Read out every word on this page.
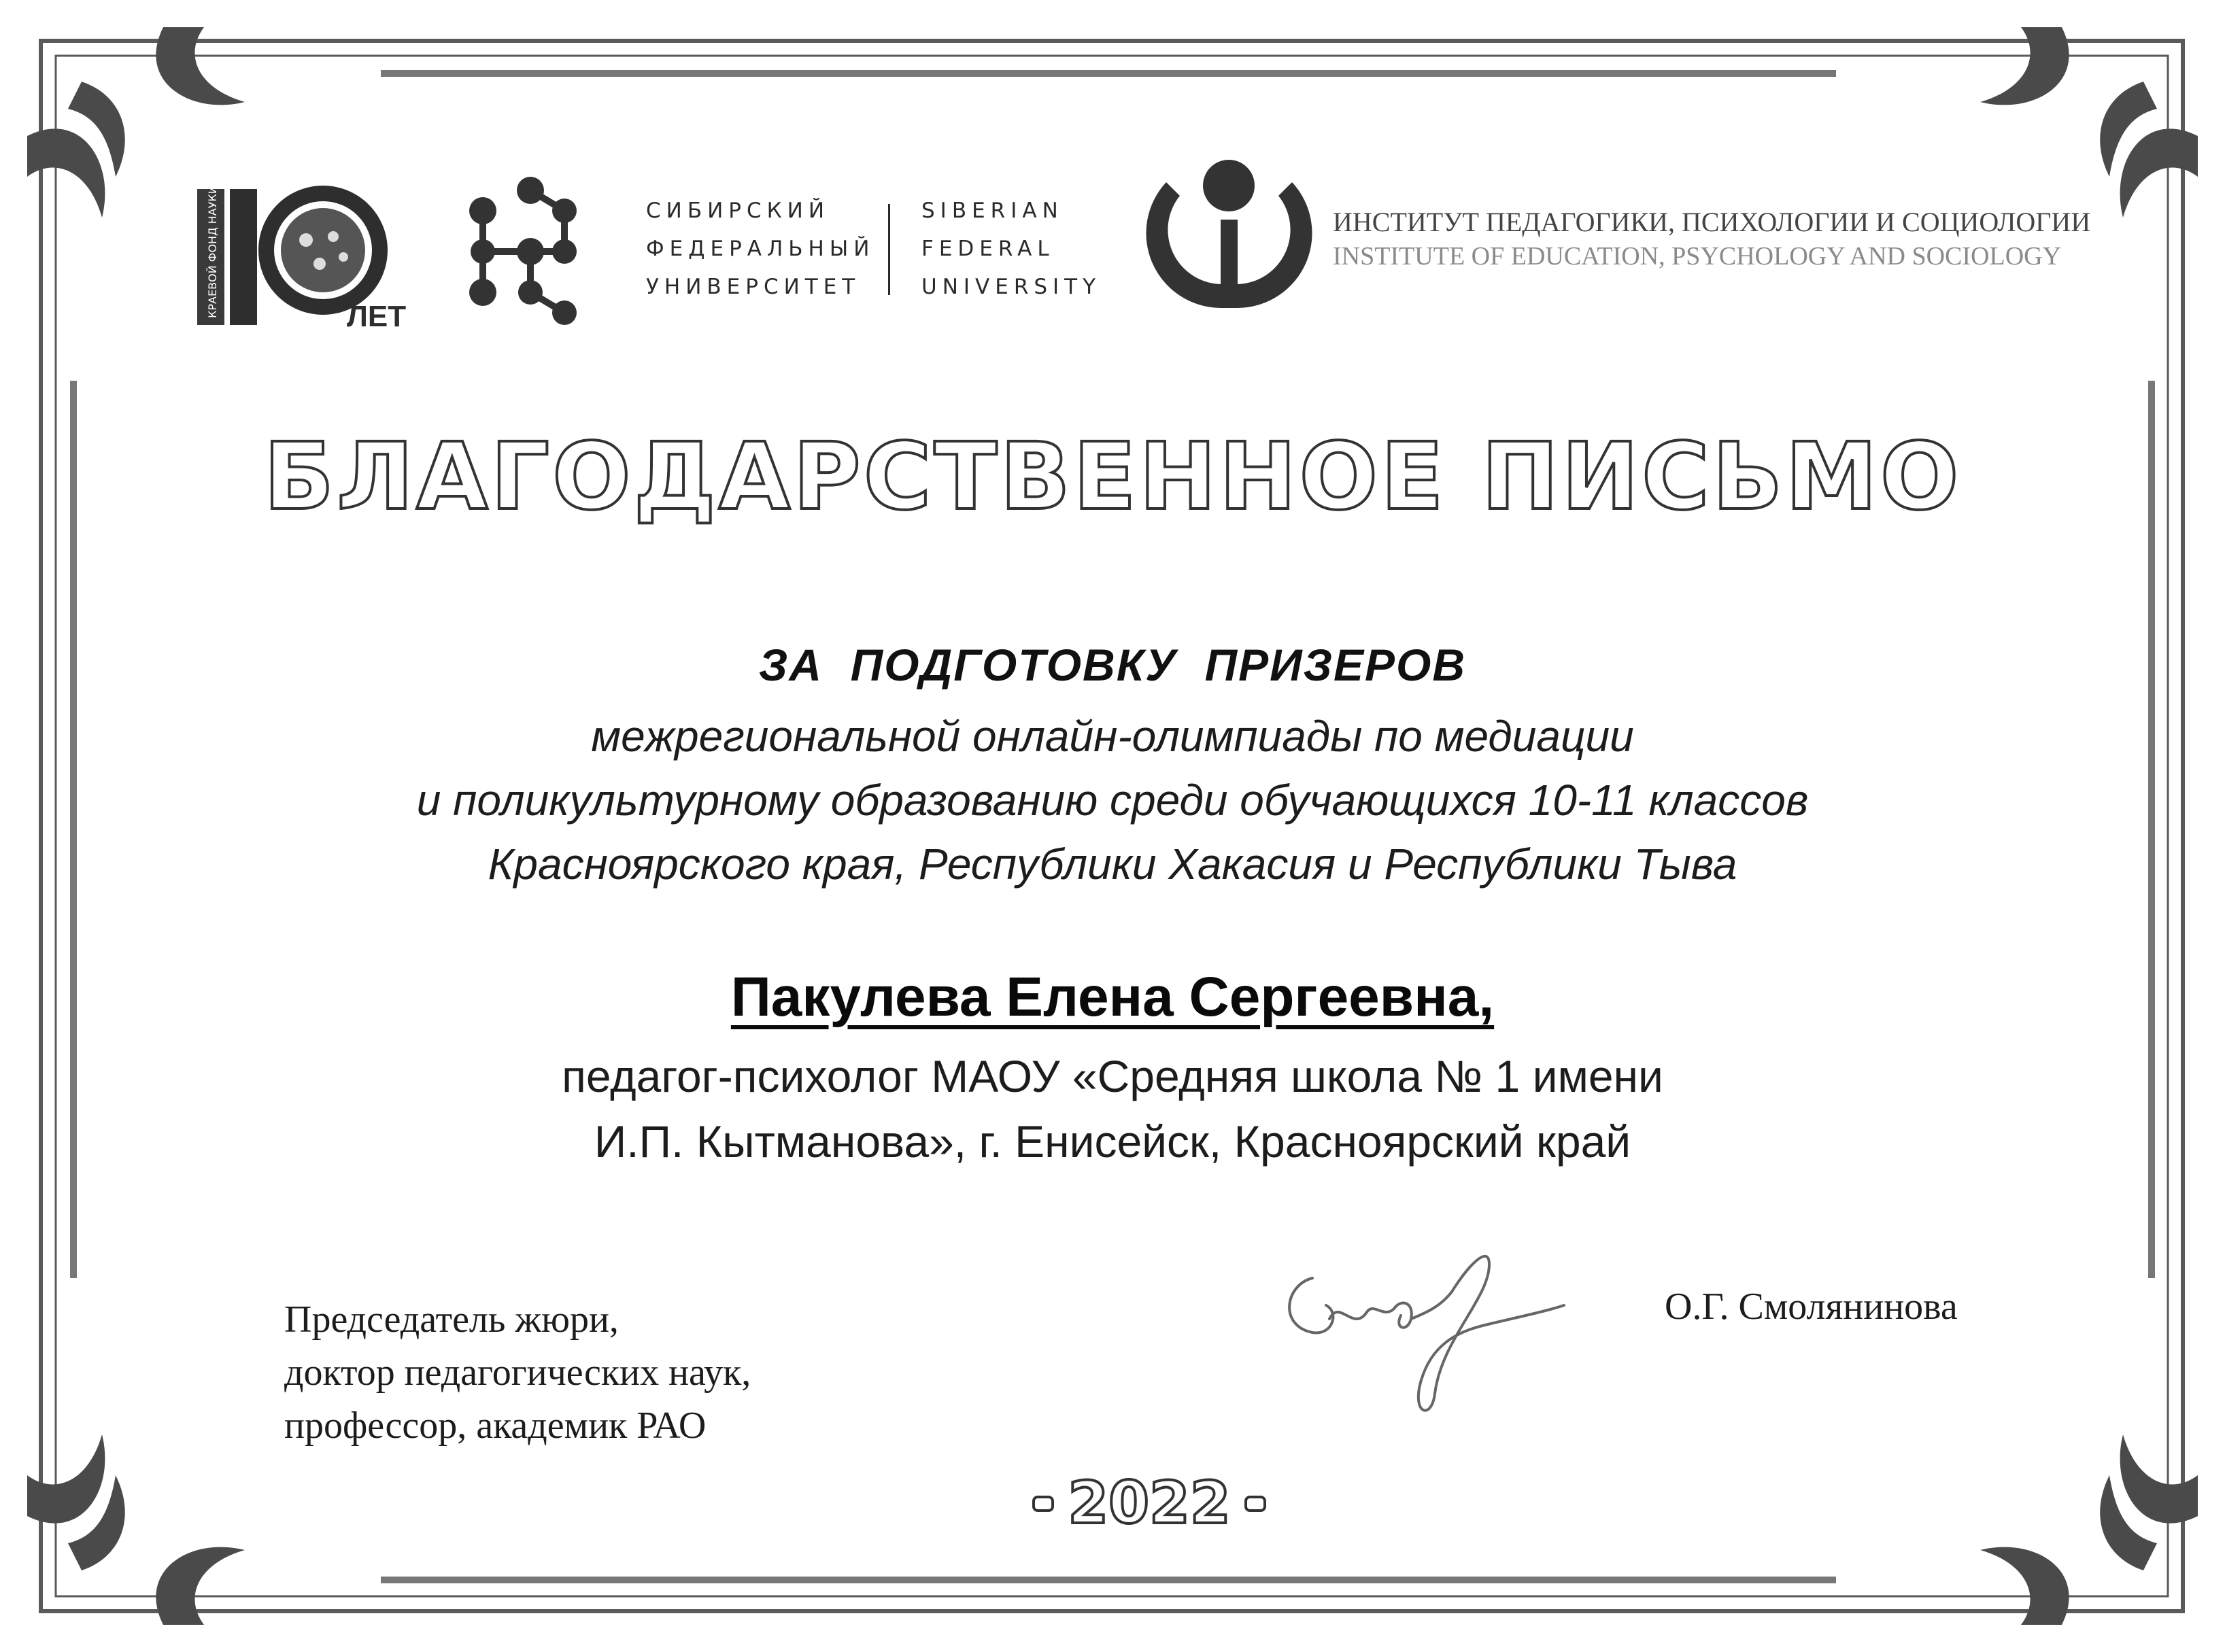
КРАЕВОЙ ФОНД НАУКИ	ЛЕТ
СИБИРСКИЙ
ФЕДЕРАЛЬНЫЙ
УНИВЕРСИТЕТ
SIBERIAN
FEDERAL
UNIVERSITY
ИНСТИТУТ ПЕДАГОГИКИ, ПСИХОЛОГИИ И СОЦИОЛОГИИ
INSTITUTE OF EDUCATION, PSYCHOLOGY AND SOCIOLOGY
БЛАГОДАРСТВЕННОЕ ПИСЬМО
ЗА  ПОДГОТОВКУ  ПРИЗЕРОВ
межрегиональной онлайн-олимпиады по медиации
и поликультурному образованию среди обучающихся 10-11 классов
Красноярского края, Республики Хакасия и Республики Тыва
Пакулева Елена Сергеевна,
педагог-психолог МАОУ «Средняя школа № 1 имени
И.П. Кытманова», г. Енисейск, Красноярский край
Председатель жюри,
доктор педагогических наук,
профессор, академик РАО
О.Г. Смолянинова
2022
